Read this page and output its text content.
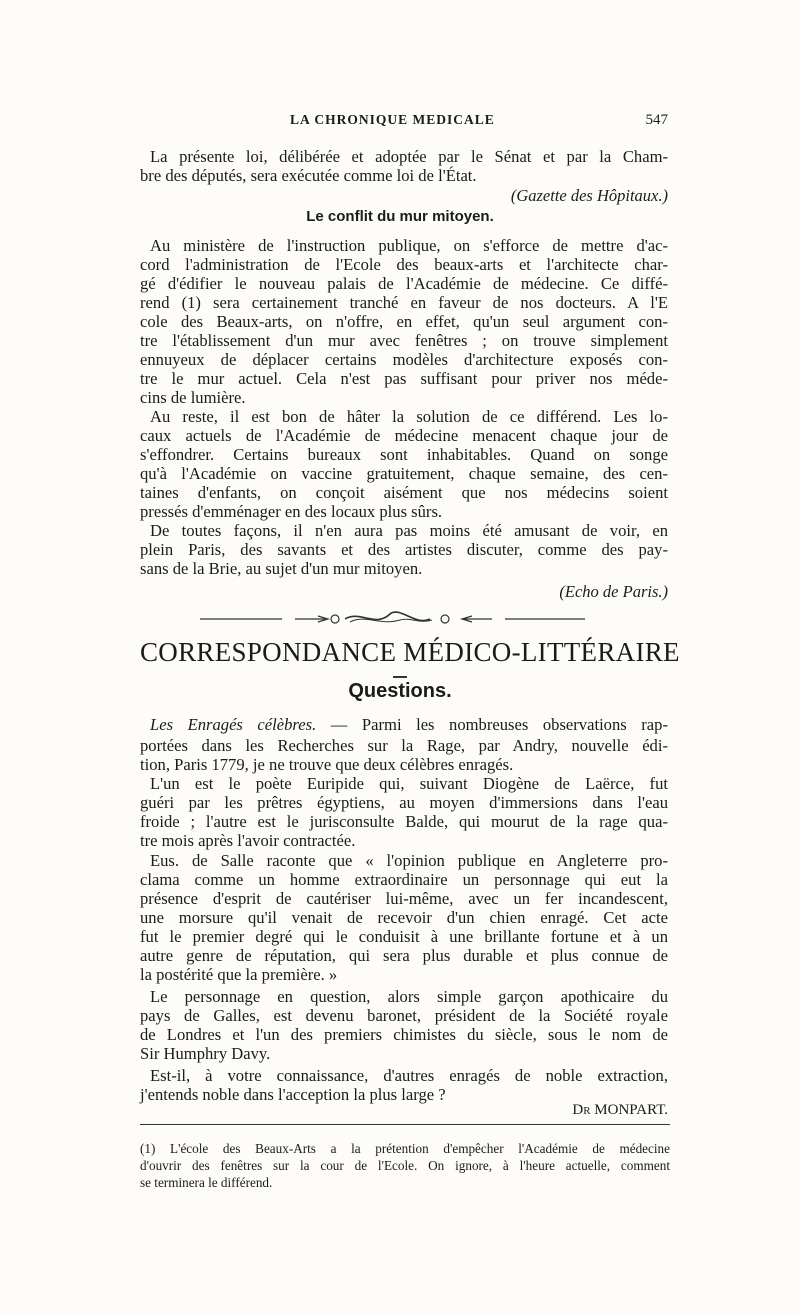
LA CHRONIQUE MEDICALE	547
La présente loi, délibérée et adoptée par le Sénat et par la Cham-
bre des députés, sera exécutée comme loi de l'État.
(Gazette des Hôpitaux.)
Le conflit du mur mitoyen.
Au ministère de l'instruction publique, on s'efforce de mettre d'ac-
cord l'administration de l'Ecole des beaux-arts et l'architecte char-
gé d'édifier le nouveau palais de l'Académie de médecine. Ce diffé-
rend (1) sera certainement tranché en faveur de nos docteurs. A l'E
cole des Beaux-arts, on n'offre, en effet, qu'un seul argument con-
tre l'établissement d'un mur avec fenêtres ; on trouve simplement
ennuyeux de déplacer certains modèles d'architecture exposés con-
tre le mur actuel. Cela n'est pas suffisant pour priver nos méde-
cins de lumière.
Au reste, il est bon de hâter la solution de ce différend. Les lo-
caux actuels de l'Académie de médecine menacent chaque jour de
s'effondrer. Certains bureaux sont inhabitables. Quand on songe
qu'à l'Académie on vaccine gratuitement, chaque semaine, des cen-
taines d'enfants, on conçoit aisément que nos médecins soient
pressés d'emménager en des locaux plus sûrs.
De toutes façons, il n'en aura pas moins été amusant de voir, en
plein Paris, des savants et des artistes discuter, comme des pay-
sans de la Brie, au sujet d'un mur mitoyen.
(Echo de Paris.)
CORRESPONDANCE MÉDICO-LITTÉRAIRE
Questions.
Les Enragés célèbres. — Parmi les nombreuses observations rap-
portées dans les Recherches sur la Rage, par Andry, nouvelle édi-
tion, Paris 1779, je ne trouve que deux célèbres enragés.
L'un est le poète Euripide qui, suivant Diogène de Laërce, fut
guéri par les prêtres égyptiens, au moyen d'immersions dans l'eau
froide ; l'autre est le jurisconsulte Balde, qui mourut de la rage qua-
tre mois après l'avoir contractée.
Eus. de Salle raconte que « l'opinion publique en Angleterre pro-
clama comme un homme extraordinaire un personnage qui eut la
présence d'esprit de cautériser lui-même, avec un fer incandescent,
une morsure qu'il venait de recevoir d'un chien enragé. Cet acte
fut le premier degré qui le conduisit à une brillante fortune et à un
autre genre de réputation, qui sera plus durable et plus connue de
la postérité que la première. »
Le personnage en question, alors simple garçon apothicaire du
pays de Galles, est devenu baronet, président de la Société royale
de Londres et l'un des premiers chimistes du siècle, sous le nom de
Sir Humphry Davy.
Est-il, à votre connaissance, d'autres enragés de noble extraction,
j'entends noble dans l'acception la plus large ?
Dr MONPART.
(1) L'école des Beaux-Arts a la prétention d'empêcher l'Académie de médecine
d'ouvrir des fenêtres sur la cour de l'Ecole. On ignore, à l'heure actuelle, comment
se terminera le différend.
